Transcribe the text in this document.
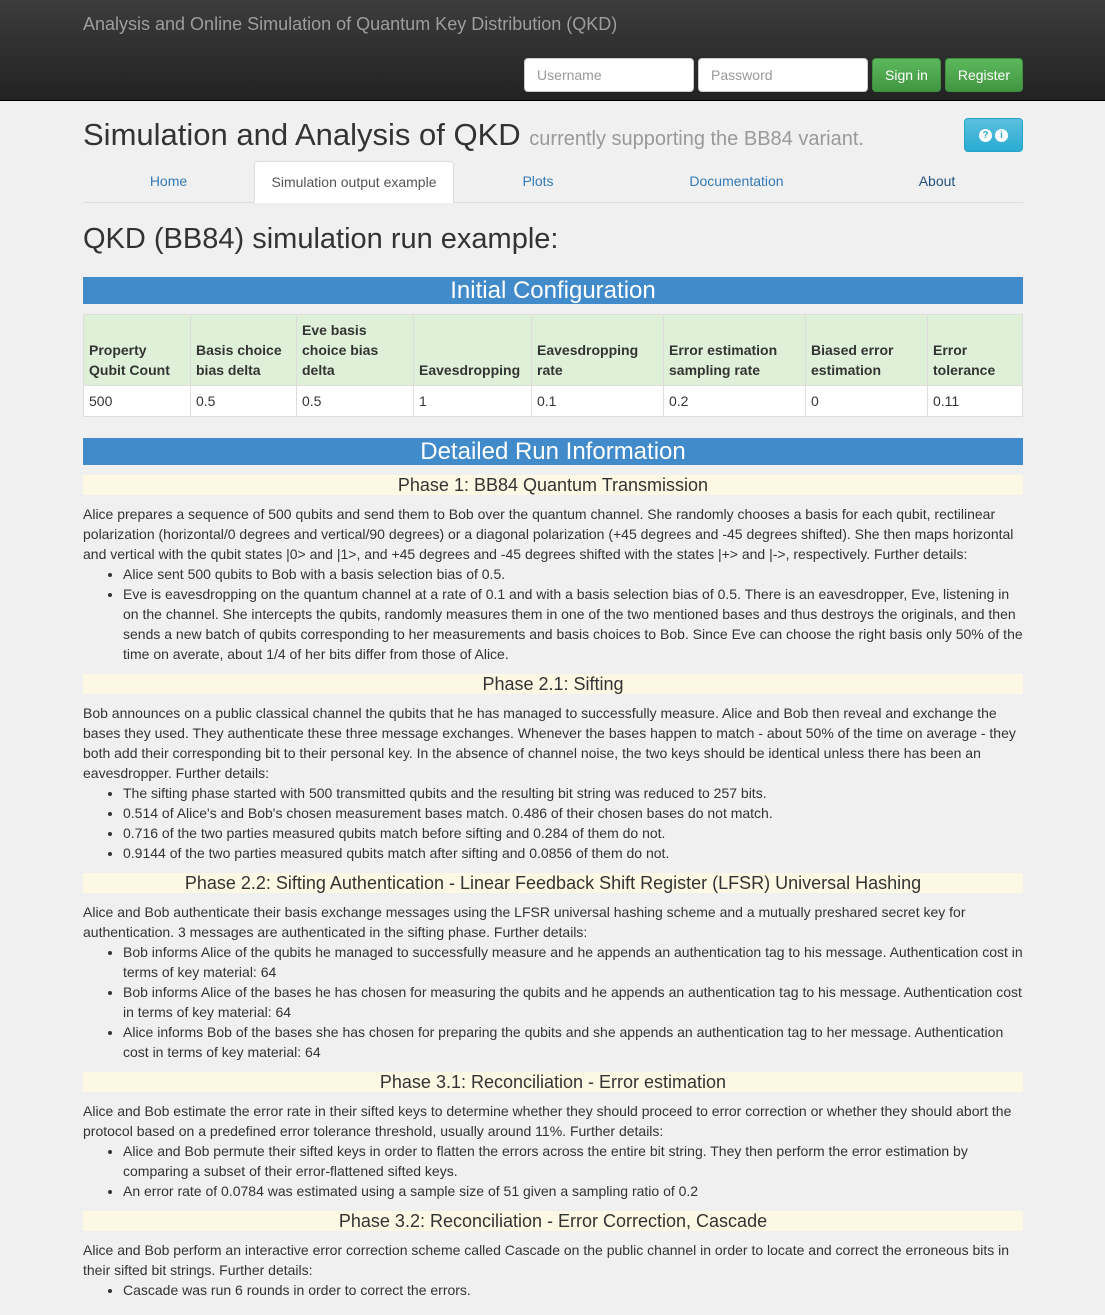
Analysis and Online Simulation of Quantum Key Distribution (QKD)
Username
Sign in	Register
Simulation and Analysis of QKD currently supporting the BB84 variant.	?	i
Home	Simulation output example	Plots	Documentation	About
QKD (BB84) simulation run example:
Initial Configuration
Property Qubit Count	Basis choice bias delta	Eve basis choice bias delta	Eavesdropping	Eavesdropping rate	Error estimation sampling rate	Biased error estimation	Error tolerance
500	0.5	0.5	1	0.1	0.2	0	0.11
Detailed Run Information
Phase 1: BB84 Quantum Transmission

Alice prepares a sequence of 500 qubits and send them to Bob over the quantum channel. She randomly chooses a basis for each qubit, rectilinear polarization (horizontal/0 degrees and vertical/90 degrees) or a diagonal polarization (+45 degrees and -45 degrees shifted). She then maps horizontal and vertical with the qubit states |0> and |1>, and +45 degrees and -45 degrees shifted with the states |+> and |->, respectively. Further details:

• Alice sent 500 qubits to Bob with a basis selection bias of 0.5.
• Eve is eavesdropping on the quantum channel at a rate of 0.1 and with a basis selection bias of 0.5. There is an eavesdropper, Eve, listening in on the channel. She intercepts the qubits, randomly measures them in one of the two mentioned bases and thus destroys the originals, and then sends a new batch of qubits corresponding to her measurements and basis choices to Bob. Since Eve can choose the right basis only 50% of the time on averate, about 1/4 of her bits differ from those of Alice.
Phase 2.1: Sifting

Bob announces on a public classical channel the qubits that he has managed to successfully measure. Alice and Bob then reveal and exchange the bases they used. They authenticate these three message exchanges. Whenever the bases happen to match - about 50% of the time on average - they both add their corresponding bit to their personal key. In the absence of channel noise, the two keys should be identical unless there has been an eavesdropper. Further details:

• The sifting phase started with 500 transmitted qubits and the resulting bit string was reduced to 257 bits.
• 0.514 of Alice's and Bob's chosen measurement bases match. 0.486 of their chosen bases do not match.
• 0.716 of the two parties measured qubits match before sifting and 0.284 of them do not.
• 0.9144 of the two parties measured qubits match after sifting and 0.0856 of them do not.
Phase 2.2: Sifting Authentication - Linear Feedback Shift Register (LFSR) Universal Hashing

Alice and Bob authenticate their basis exchange messages using the LFSR universal hashing scheme and a mutually preshared secret key for authentication. 3 messages are authenticated in the sifting phase. Further details:

• Bob informs Alice of the qubits he managed to successfully measure and he appends an authentication tag to his message. Authentication cost in terms of key material: 64
• Bob informs Alice of the bases he has chosen for measuring the qubits and he appends an authentication tag to his message. Authentication cost in terms of key material: 64
• Alice informs Bob of the bases she has chosen for preparing the qubits and she appends an authentication tag to her message. Authentication cost in terms of key material: 64
Phase 3.1: Reconciliation - Error estimation

Alice and Bob estimate the error rate in their sifted keys to determine whether they should proceed to error correction or whether they should abort the protocol based on a predefined error tolerance threshold, usually around 11%. Further details:

• Alice and Bob permute their sifted keys in order to flatten the errors across the entire bit string. They then perform the error estimation by comparing a subset of their error-flattened sifted keys.
• An error rate of 0.0784 was estimated using a sample size of 51 given a sampling ratio of 0.2
Phase 3.2: Reconciliation - Error Correction, Cascade

Alice and Bob perform an interactive error correction scheme called Cascade on the public channel in order to locate and correct the erroneous bits in their sifted bit strings. Further details:

• Cascade was run 6 rounds in order to correct the errors.
